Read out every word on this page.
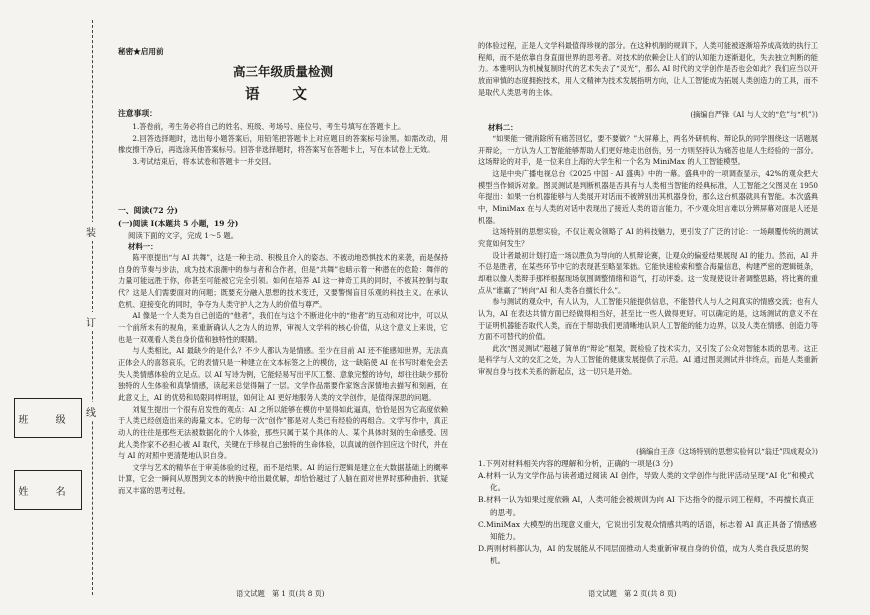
装
订
线
班 级
姓 名
秘密★启用前
高三年级质量检测
语 文
注意事项：

1.答卷前，考生务必将自己的姓名、班级、考场号、座位号、考生号填写在答题卡上。

2.回答选择题时，选出每小题答案后，用铅笔把答题卡上对应题目的答案标号涂黑。如需改动，用橡皮擦干净后，再选涂其他答案标号。回答非选择题时，将答案写在答题卡上，写在本试卷上无效。

3.考试结束后，将本试卷和答题卡一并交回。

一、阅读(72 分)
(一)阅读 Ⅰ(本题共 5 小题，19 分)
阅读下面的文字，完成 1～5 题。
材料一：

陈平原提出“与 AI 共舞”，这是一种主动、积极且介入的姿态。不被动地恐惧技术的来袭，而是保持自身的节奏与步法，成为技术浪潮中的参与者和合作者，但是“共舞”也暗示着一种潜在的危险：舞伴的力量可能远胜于你，你甚至可能被它完全引领。如何在培养 AI 这一神奇工具的同时，不被其控制与取代？这是人们需要面对的问题；既要充分融入思想的技术变迁，又要警惕盲目乐观的科技主义。在承认危机、迎接变化的同时，争夺为人类守护人之为人的价值与尊严。

AI 像是一个人类为自己创造的“他者”，我们在与这个不断进化中的“他者”的互动和对比中，可以从一个前所未有的视角，来重新确认人之为人的边界，审视人文学科的核心价值，从这个意义上来说，它也是一双观看人类自身价值和独特性的眼睛。

与人类相比，AI 最缺少的是什么？不少人都认为是情感。至少在目前 AI 还不能感知世界，无法真正体会人的喜怒哀乐，它的表情只是一种建立在文本标签之上的模仿，这一缺陷使 AI 在书写时难免会丢失人类情感体验的立足点。以 AI 写诗为例，它能轻易写出平仄工整、意象完整的诗句，却往往缺少那份独特的人生体验和真挚情感，读起来总觉得隔了一层。文学作品需要作家饱含深情地去描写和刻画，在此意义上，AI 的优势和局限同样明显，如何让 AI 更好地服务人类的文学创作，是值得深思的问题。

刘复生提出一个很有启发性的观点：AI 之所以能够在模仿中显得如此逼真，恰恰是因为它高度依赖于人类已经创造出来的海量文本。它的每一次“创作”都是对人类已有经验的再组合。文学写作中，真正动人的往往是那些无法被数据化的个人体验，那些只属于某个具体的人、某个具体时刻的生命感受。因此人类作家不必担心被 AI 取代，关键在于珍视自己独特的生命体验，以真诚的创作回应这个时代，并在与 AI 的对照中更清楚地认识自身。

文学与艺术的精华在于审美体验的过程，而不是结果。AI 的运行逻辑是建立在大数据基础上的概率计算，它会一瞬间从原图到文本的转换中给出最优解，却恰恰越过了人脑在面对世界时那种曲折、犹疑而又丰富的思考过程。

语文试题　第 1 页(共 8 页)

的体验过程，正是人文学科最值得珍视的部分。在这种机制的规训下，人类可能被逐渐培养成高效的执行工程师，而不是依靠自身直面世界的思考者。对技术的依赖会让人们的认知能力逐渐退化，失去独立判断的能力。本雅明认为机械复制时代的艺术失去了“灵光”，那么 AI 时代的文学创作是否也会如此？我们应当以开放而审慎的态度拥抱技术，用人文精神为技术发展指明方向，让人工智能成为拓展人类创造力的工具，而不是取代人类思考的主体。

(摘编自严锋《AI 与人文的“危”与“机”》)
材料二：

“如果能一键消除所有痛苦回忆，要不要做？”大屏幕上，两名外研机构、辩论队的同学围绕这一话题展开辩论，一方认为人工智能能够帮助人们更好地走出创伤，另一方则坚持认为痛苦也是人生经验的一部分。这场辩论的对手，是一位来自上海的大学生和一个名为 MiniMax 的人工智能模型。

这是中央广播电视总台《2025 中国 · AI 盛典》中的一幕。盛典中的一项调查显示，42%的观众把大模型当作倾诉对象。图灵测试是判断机器是否具有与人类相当智能的经典标准，人工智能之父图灵在 1950 年提出：如果一台机器能够与人类展开对话而不被辨别出其机器身份，那么这台机器就具有智能。本次盛典中，MiniMax 在与人类的对话中表现出了接近人类的语言能力，不少观众坦言难以分辨屏幕对面是人还是机器。

这场特别的思想实验，不仅让观众领略了 AI 的科技魅力，更引发了广泛的讨论：一场颠覆传统的测试究竟如何发生？

设计者最初计划打造一场以胜负为导向的人机辩论赛，让观众的偏爱结果展现 AI 的能力。然而，AI 并不总是胜者，在某些环节中它的表现甚至略显笨拙。它能快速检索和整合海量信息，构建严密的逻辑链条，却难以像人类辩手那样根据现场氛围调整情绪和语气，打动评委。这一发现使设计者调整思路，将比赛的重点从“谁赢了”转向“AI 和人类各自擅长什么”。

参与测试的观众中，有人认为，人工智能只能提供信息，不能替代人与人之间真实的情感交流；也有人认为，AI 在表达共情方面已经做得相当好，甚至比一些人做得更好。可以确定的是，这场测试的意义不在于证明机器能否取代人类，而在于帮助我们更清晰地认识人工智能的能力边界，以及人类在情感、创造力等方面不可替代的价值。

此次“图灵测试”超越了简单的“辩论”框架，既检验了技术实力，又引发了公众对智能本质的思考。这正是科学与人文的交汇之处，为人工智能的健康发展提供了示范。AI 通过图灵测试并非终点，而是人类重新审视自身与技术关系的新起点，这一切只是开始。

(摘编自王彦《这场特别的思想实验何以“翁迁”四成观众》)

1.下列对材料相关内容的理解和分析，正确的一项是(3 分)

A.材料一认为文学作品与读者通过阅读 AI 创作，导致人类的文学创作与批评活动呈现“AI 化”和模式化。

B.材料一认为如果过度依赖 AI，人类可能会被规训为向 AI 下达指令的提示词工程师，不再擅长真正的思考。

C.MiniMax 大模型的出现意义重大，它说出引发观众情感共鸣的话语，标志着 AI 真正具备了情感感知能力。

D.两则材料都认为，AI 的发展能从不同层面推动人类重新审视自身的价值，成为人类自我反思的契机。

语文试题　第 2 页(共 8 页)
